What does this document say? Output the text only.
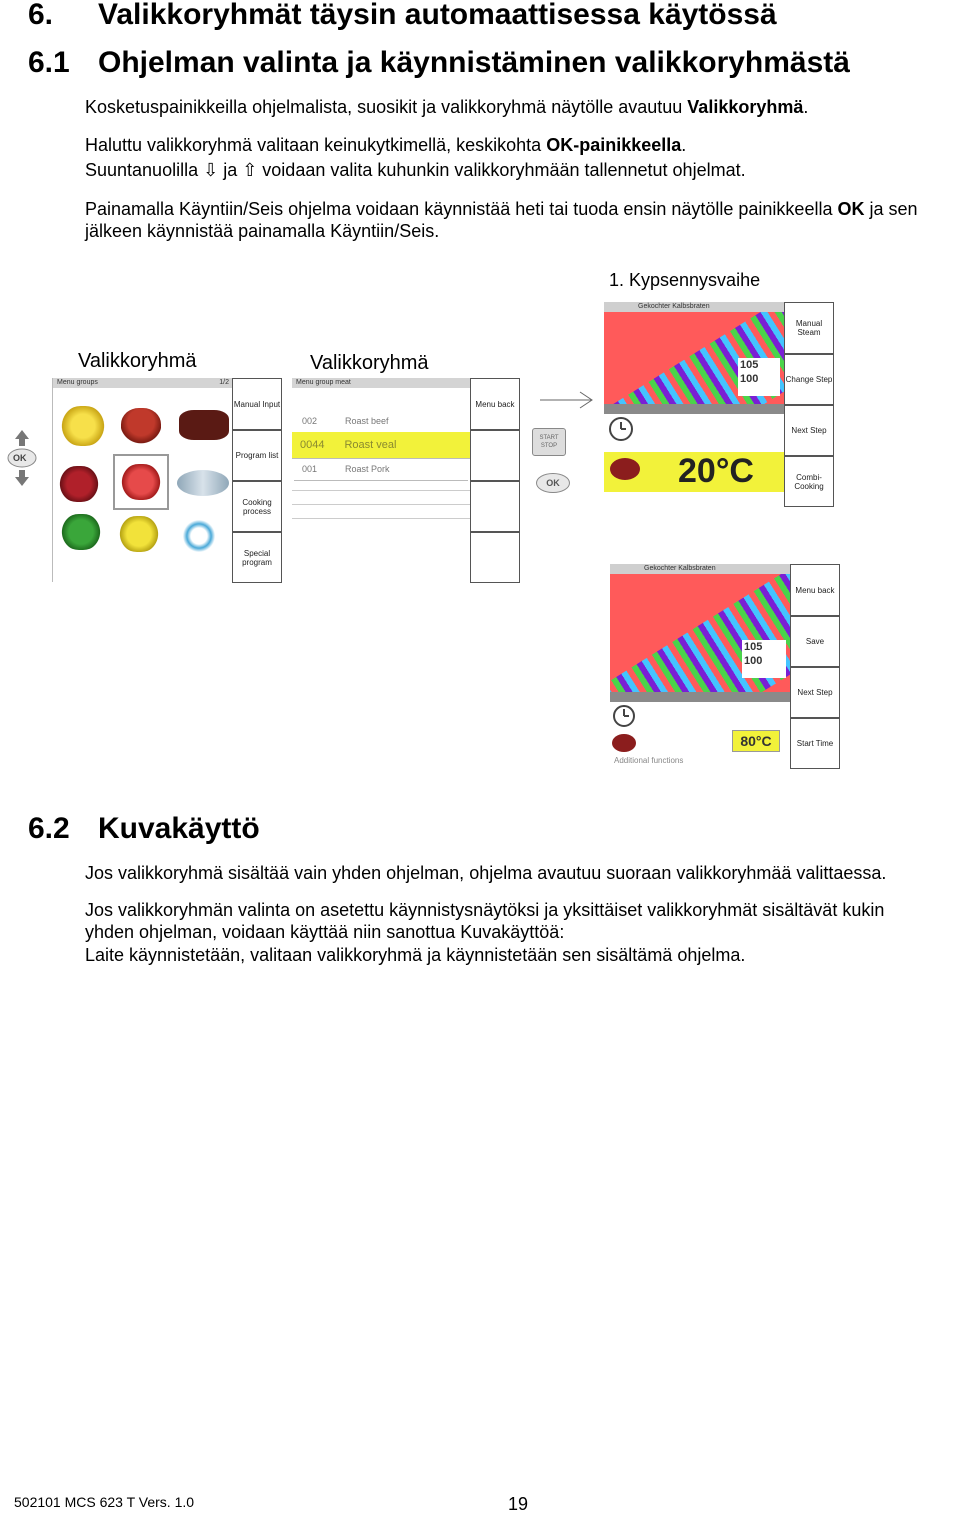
6. Valikkoryhmät täysin automaattisessa käytössä
6.1 Ohjelman valinta ja käynnistäminen valikkoryhmästä
Kosketuspainikkeilla ohjelmalista, suosikit ja valikkoryhmä näytölle avautuu Valikkoryhmä.
Haluttu valikkoryhmä valitaan keinukytkimellä, keskikohta OK-painikkeella.
Suuntanuolilla ⇩ ja ⇧ voidaan valita kuhunkin valikkoryhmään tallennetut ohjelmat.
Painamalla Käyntiin/Seis ohjelma voidaan käynnistää heti tai tuoda ensin näytölle painikkeella OK ja sen jälkeen käynnistää painamalla Käyntiin/Seis.
1. Kypsennysvaihe
Valikkoryhmä	Valikkoryhmä
OK
Menu groups	1/2
Manual Input
Program list
Cooking process
Special program
Menu group meat
002	Roast beef
0044 Roast veal
001	Roast Pork
Menu back
START STOP
OK
Gekochter Kalbsbraten
105
100
20°C
Manual Steam
Change Step
Next Step
Combi-Cooking
Gekochter Kalbsbraten
105
100
80°C
Additional functions
Menu back
Save
Next Step
Start Time
6.2 Kuvakäyttö
Jos valikkoryhmä sisältää vain yhden ohjelman, ohjelma avautuu suoraan valikkoryhmää valittaessa.
Jos valikkoryhmän valinta on asetettu käynnistysnäytöksi ja yksittäiset valikkoryhmät sisältävät kukin
yhden ohjelman, voidaan käyttää niin sanottua Kuvakäyttöä:
Laite käynnistetään, valitaan valikkoryhmä ja käynnistetään sen sisältämä ohjelma.
502101 MCS 623 T Vers. 1.0	19
